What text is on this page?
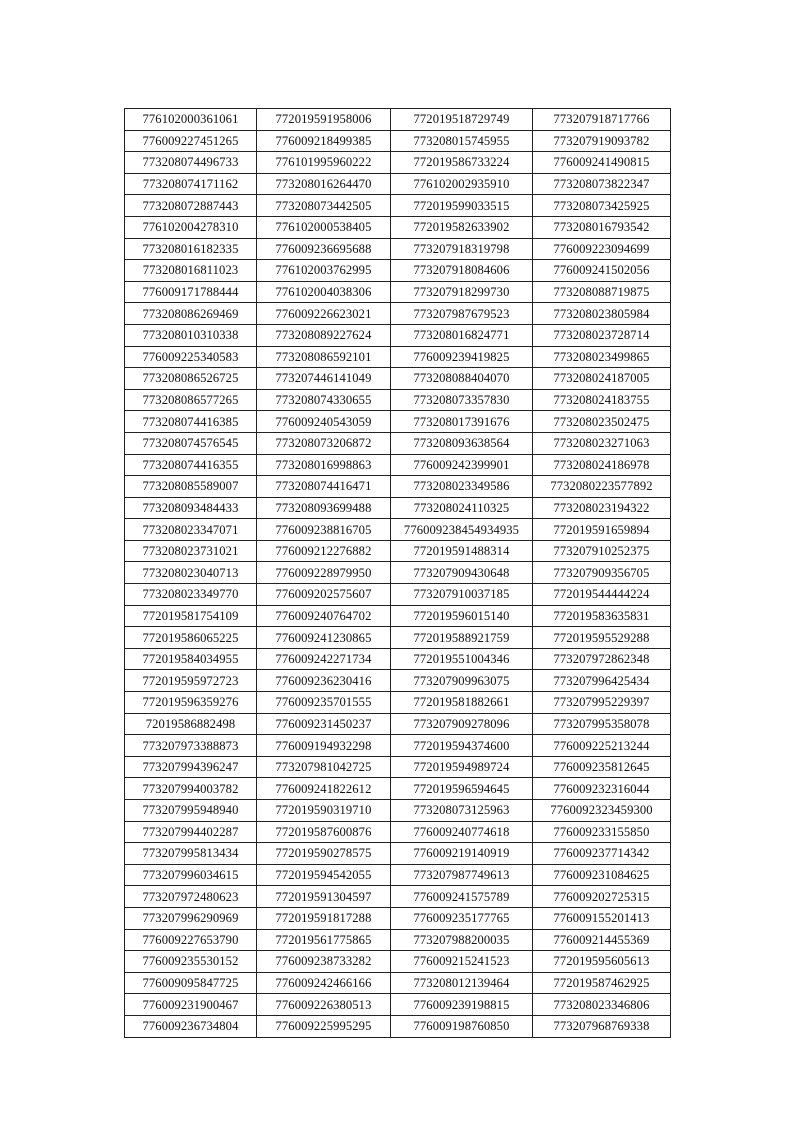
776102000361061	772019591958006	772019518729749	773207918717766
776009227451265	776009218499385	773208015745955	773207919093782
773208074496733	776101995960222	772019586733224	776009241490815
773208074171162	773208016264470	776102002935910	773208073822347
773208072887443	773208073442505	772019599033515	773208073425925
776102004278310	776102000538405	772019582633902	773208016793542
773208016182335	776009236695688	773207918319798	776009223094699
773208016811023	776102003762995	773207918084606	776009241502056
776009171788444	776102004038306	773207918299730	773208088719875
773208086269469	776009226623021	773207987679523	773208023805984
773208010310338	773208089227624	773208016824771	773208023728714
776009225340583	773208086592101	776009239419825	773208023499865
773208086526725	773207446141049	773208088404070	773208024187005
773208086577265	773208074330655	773208073357830	773208024183755
773208074416385	776009240543059	773208017391676	773208023502475
773208074576545	773208073206872	773208093638564	773208023271063
773208074416355	773208016998863	776009242399901	773208024186978
773208085589007	773208074416471	773208023349586	7732080223577892
773208093484433	773208093699488	773208024110325	773208023194322
773208023347071	776009238816705	776009238454934935	772019591659894
773208023731021	776009212276882	772019591488314	773207910252375
773208023040713	776009228979950	773207909430648	773207909356705
773208023349770	776009202575607	773207910037185	772019544444224
772019581754109	776009240764702	772019596015140	772019583635831
772019586065225	776009241230865	772019588921759	772019595529288
772019584034955	776009242271734	772019551004346	773207972862348
772019595972723	776009236230416	773207909963075	773207996425434
772019596359276	776009235701555	772019581882661	773207995229397
72019586882498	776009231450237	773207909278096	773207995358078
773207973388873	776009194932298	772019594374600	776009225213244
773207994396247	773207981042725	772019594989724	776009235812645
773207994003782	776009241822612	772019596594645	776009232316044
773207995948940	772019590319710	773208073125963	7760092323459300
773207994402287	772019587600876	776009240774618	776009233155850
773207995813434	772019590278575	776009219140919	776009237714342
773207996034615	772019594542055	773207987749613	776009231084625
773207972480623	772019591304597	776009241575789	776009202725315
773207996290969	772019591817288	776009235177765	776009155201413
776009227653790	772019561775865	773207988200035	776009214455369
776009235530152	776009238733282	776009215241523	772019595605613
776009095847725	776009242466166	773208012139464	772019587462925
776009231900467	776009226380513	776009239198815	773208023346806
776009236734804	776009225995295	776009198760850	773207968769338
